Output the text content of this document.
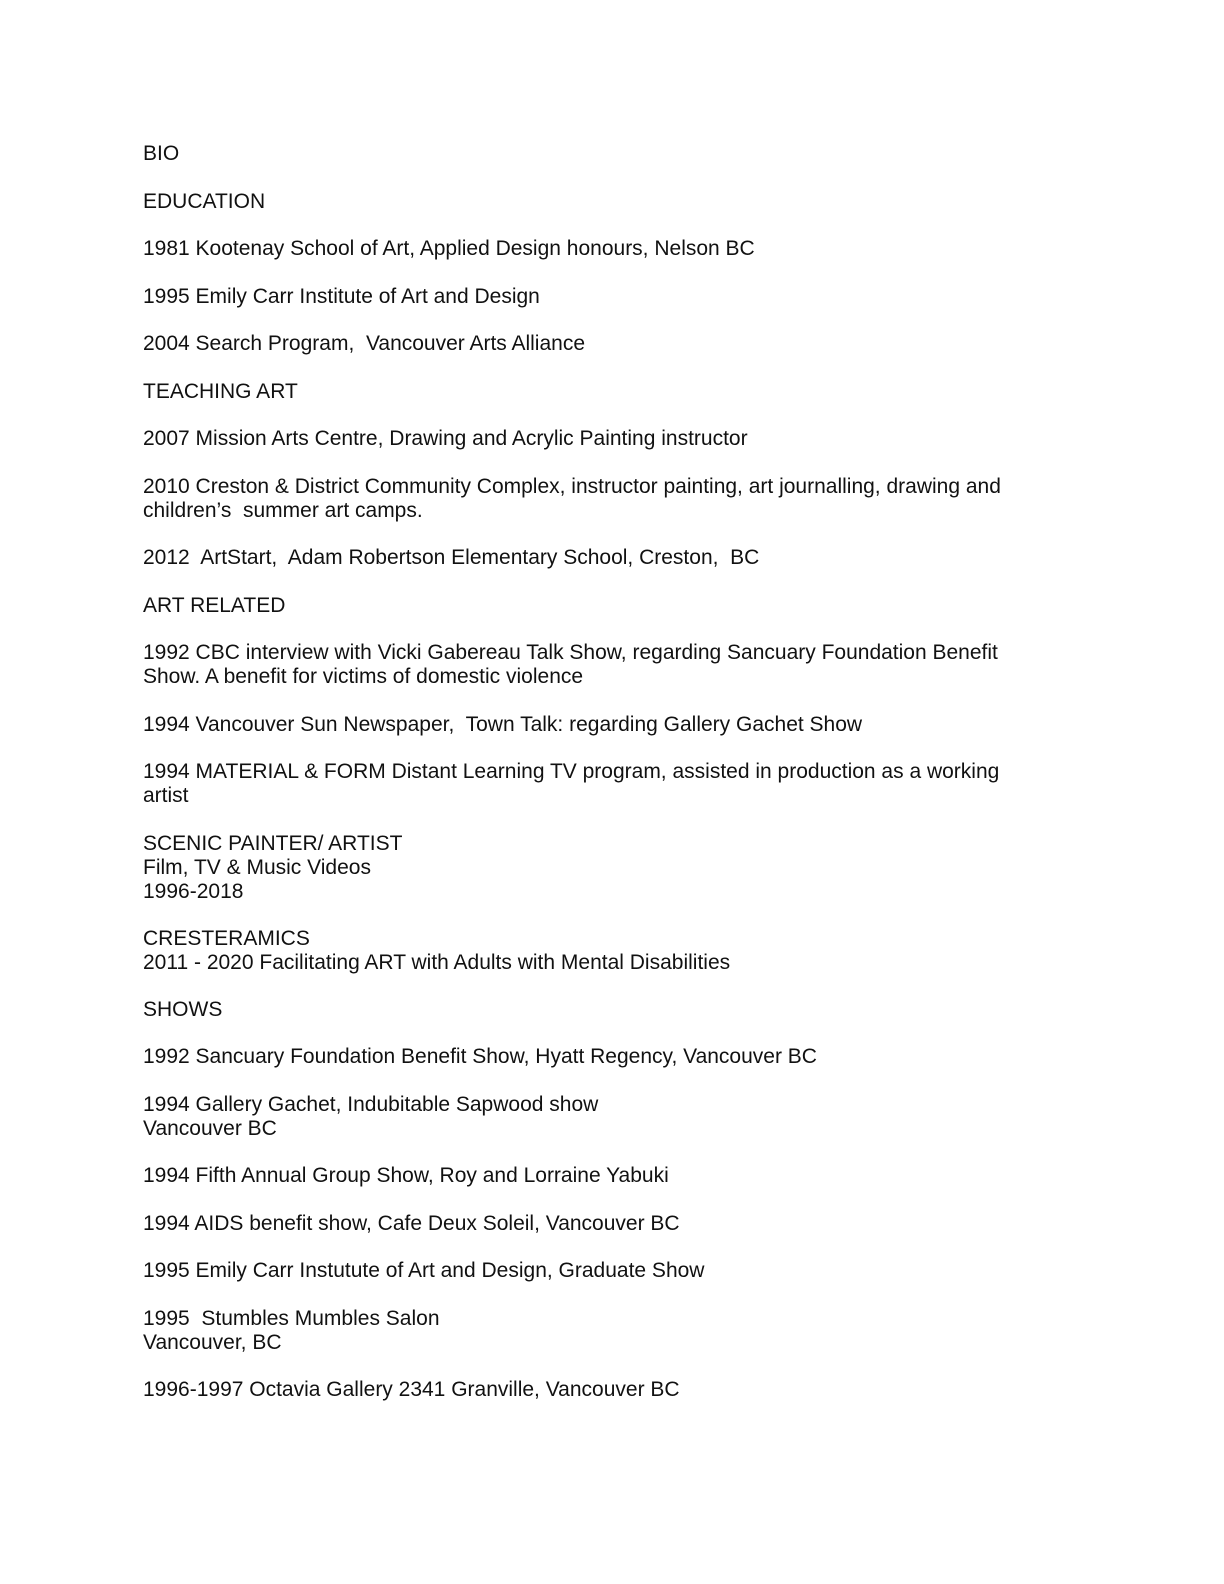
BIO

EDUCATION

1981 Kootenay School of Art, Applied Design honours, Nelson BC

1995 Emily Carr Institute of Art and Design

2004 Search Program,  Vancouver Arts Alliance

TEACHING ART

2007 Mission Arts Centre, Drawing and Acrylic Painting instructor

2010 Creston & District Community Complex, instructor painting, art journalling, drawing and
children’s  summer art camps.

2012  ArtStart,  Adam Robertson Elementary School, Creston,  BC

ART RELATED

1992 CBC interview with Vicki Gabereau Talk Show, regarding Sancuary Foundation Benefit
Show. A benefit for victims of domestic violence

1994 Vancouver Sun Newspaper,  Town Talk: regarding Gallery Gachet Show

1994 MATERIAL & FORM Distant Learning TV program, assisted in production as a working
artist

SCENIC PAINTER/ ARTIST
Film, TV & Music Videos
1996-2018

CRESTERAMICS
2011 - 2020 Facilitating ART with Adults with Mental Disabilities

SHOWS

1992 Sancuary Foundation Benefit Show, Hyatt Regency, Vancouver BC

1994 Gallery Gachet, Indubitable Sapwood show
Vancouver BC

1994 Fifth Annual Group Show, Roy and Lorraine Yabuki

1994 AIDS benefit show, Cafe Deux Soleil, Vancouver BC

1995 Emily Carr Instutute of Art and Design, Graduate Show

1995  Stumbles Mumbles Salon
Vancouver, BC

1996-1997 Octavia Gallery 2341 Granville, Vancouver BC
